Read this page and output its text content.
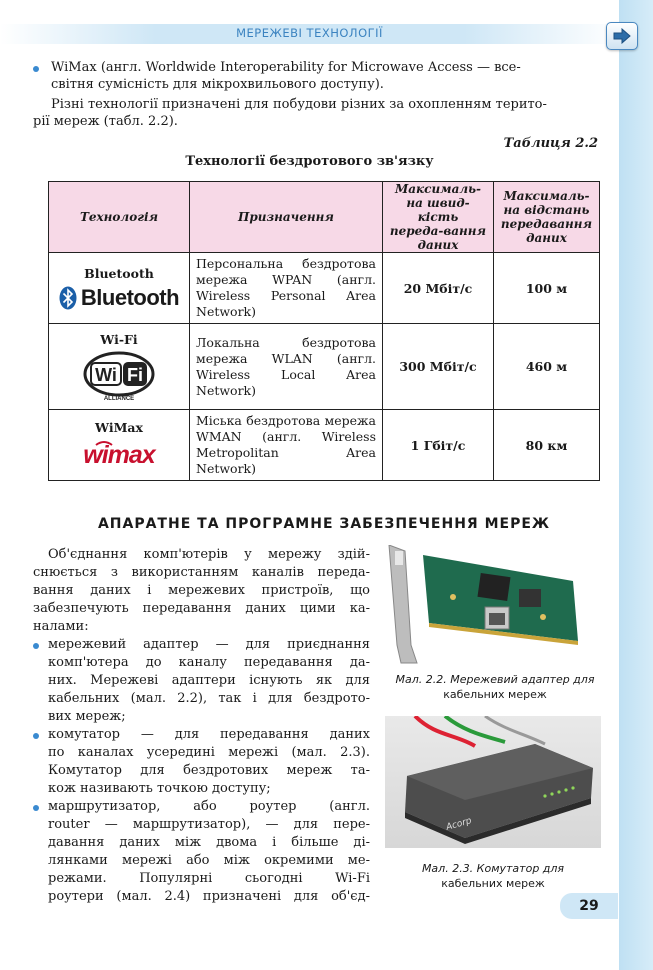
МЕРЕЖЕВІ ТЕХНОЛОГІЇ
WiMax (англ. Worldwide Interoperability for Microwave Access — все-
світня сумісність для мікрохвильового доступу).
Різні технології призначені для побудови різних за охопленням терито-
рії мереж (табл. 2.2).
Таблиця 2.2
Технології бездротового зв'язку
Технологія	Призначення	Максималь-на швид-кість переда-вання даних	Максималь-на відстань передавання даних

Bluetooth
Bluetooth	Персональна бездротова мережа WPAN (англ. Wireless Personal Area Network)	20 Мбіт/с	100 м

Wi-Fi
Wi Fi
ALLIANCE	Локальна бездротова мережа WLAN (англ. Wireless Local Area Network)	300 Мбіт/с	460 м

WiMax
wimax	Міська бездротова мережа WMAN (англ. Wireless Metropolitan Area Network)	1 Гбіт/с	80 км
АПАРАТНЕ ТА ПРОГРАМНЕ ЗАБЕЗПЕЧЕННЯ МЕРЕЖ
Об'єднання комп'ютерів у мережу здій-
снюється з використанням каналів переда-
вання даних і мережевих пристроїв, що
забезпечують передавання даних цими ка-
налами:
мережевий адаптер — для приєднання
комп'ютера до каналу передавання да-
них. Мережеві адаптери існують як для
кабельних (мал. 2.2), так і для бездрото-
вих мереж;
комутатор — для передавання даних
по каналах усередині мережі (мал. 2.3).
Комутатор для бездротових мереж та-
кож називають точкою доступу;
маршрутизатор, або роутер (англ.
router — маршрутизатор), — для пере-
давання даних між двома і більше ді-
лянками мережі або між окремими ме-
режами. Популярні сьогодні Wi-Fi
роутери (мал. 2.4) призначені для об'єд-
Мал. 2.2. Мережевий адаптер для
кабельних мереж
Acorp
Мал. 2.3. Комутатор для
кабельних мереж
29
